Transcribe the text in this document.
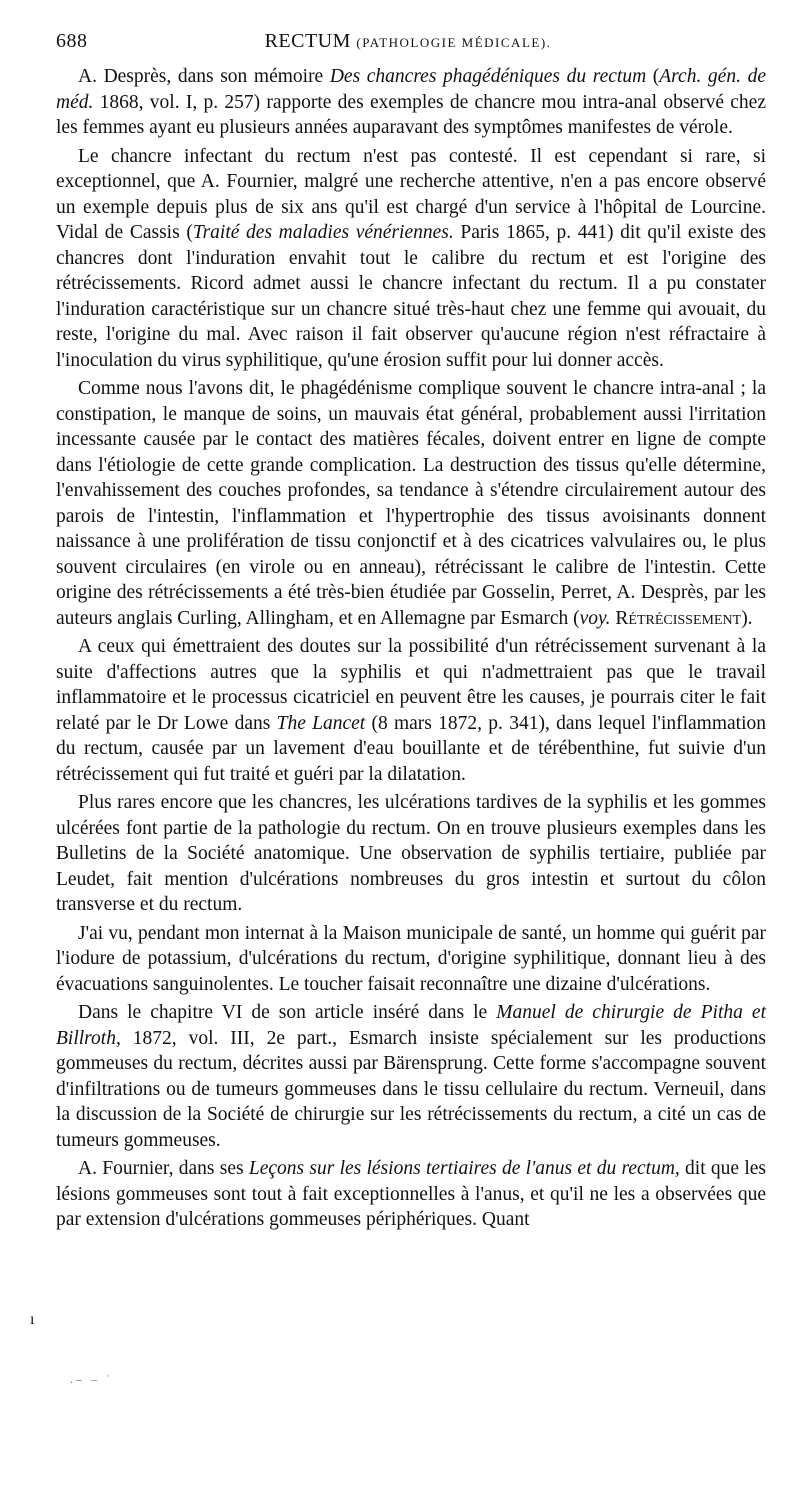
688	RECTUM (PATHOLOGIE MÉDICALE).

A. Desprès, dans son mémoire Des chancres phagédéniques du rectum (Arch. gén. de méd. 1868, vol. I, p. 257) rapporte des exemples de chancre mou intra-anal observé chez les femmes ayant eu plusieurs années auparavant des symptômes manifestes de vérole.

Le chancre infectant du rectum n'est pas contesté. Il est cependant si rare, si exceptionnel, que A. Fournier, malgré une recherche attentive, n'en a pas encore observé un exemple depuis plus de six ans qu'il est chargé d'un service à l'hôpital de Lourcine. Vidal de Cassis (Traité des maladies vénériennes. Paris 1865, p. 441) dit qu'il existe des chancres dont l'induration envahit tout le calibre du rectum et est l'origine des rétrécissements. Ricord admet aussi le chancre infectant du rectum. Il a pu constater l'induration caractéristique sur un chancre situé très-haut chez une femme qui avouait, du reste, l'origine du mal. Avec raison il fait observer qu'aucune région n'est réfractaire à l'inoculation du virus syphilitique, qu'une érosion suffit pour lui donner accès.

Comme nous l'avons dit, le phagédénisme complique souvent le chancre intra-anal ; la constipation, le manque de soins, un mauvais état général, probablement aussi l'irritation incessante causée par le contact des matières fécales, doivent entrer en ligne de compte dans l'étiologie de cette grande complication. La destruction des tissus qu'elle détermine, l'envahissement des couches profondes, sa tendance à s'étendre circulairement autour des parois de l'intestin, l'inflammation et l'hypertrophie des tissus avoisinants donnent naissance à une prolifération de tissu conjonctif et à des cicatrices valvulaires ou, le plus souvent circulaires (en virole ou en anneau), rétrécissant le calibre de l'intestin. Cette origine des rétrécissements a été très-bien étudiée par Gosselin, Perret, A. Desprès, par les auteurs anglais Curling, Allingham, et en Allemagne par Esmarch (voy. Rétrécissement).

A ceux qui émettraient des doutes sur la possibilité d'un rétrécissement survenant à la suite d'affections autres que la syphilis et qui n'admettraient pas que le travail inflammatoire et le processus cicatriciel en peuvent être les causes, je pourrais citer le fait relaté par le Dr Lowe dans The Lancet (8 mars 1872, p. 341), dans lequel l'inflammation du rectum, causée par un lavement d'eau bouillante et de térébenthine, fut suivie d'un rétrécissement qui fut traité et guéri par la dilatation.

Plus rares encore que les chancres, les ulcérations tardives de la syphilis et les gommes ulcérées font partie de la pathologie du rectum. On en trouve plusieurs exemples dans les Bulletins de la Société anatomique. Une observation de syphilis tertiaire, publiée par Leudet, fait mention d'ulcérations nombreuses du gros intestin et surtout du côlon transverse et du rectum.

J'ai vu, pendant mon internat à la Maison municipale de santé, un homme qui guérit par l'iodure de potassium, d'ulcérations du rectum, d'origine syphilitique, donnant lieu à des évacuations sanguinolentes. Le toucher faisait reconnaître une dizaine d'ulcérations.

Dans le chapitre VI de son article inséré dans le Manuel de chirurgie de Pitha et Billroth, 1872, vol. III, 2e part., Esmarch insiste spécialement sur les productions gommeuses du rectum, décrites aussi par Bärensprung. Cette forme s'accompagne souvent d'infiltrations ou de tumeurs gommeuses dans le tissu cellulaire du rectum. Verneuil, dans la discussion de la Société de chirurgie sur les rétrécissements du rectum, a cité un cas de tumeurs gommeuses.

A. Fournier, dans ses Leçons sur les lésions tertiaires de l'anus et du rectum, dit que les lésions gommeuses sont tout à fait exceptionnelles à l'anus, et qu'il ne les a observées que par extension d'ulcérations gommeuses périphériques. Quant

ı
.– – ˙
